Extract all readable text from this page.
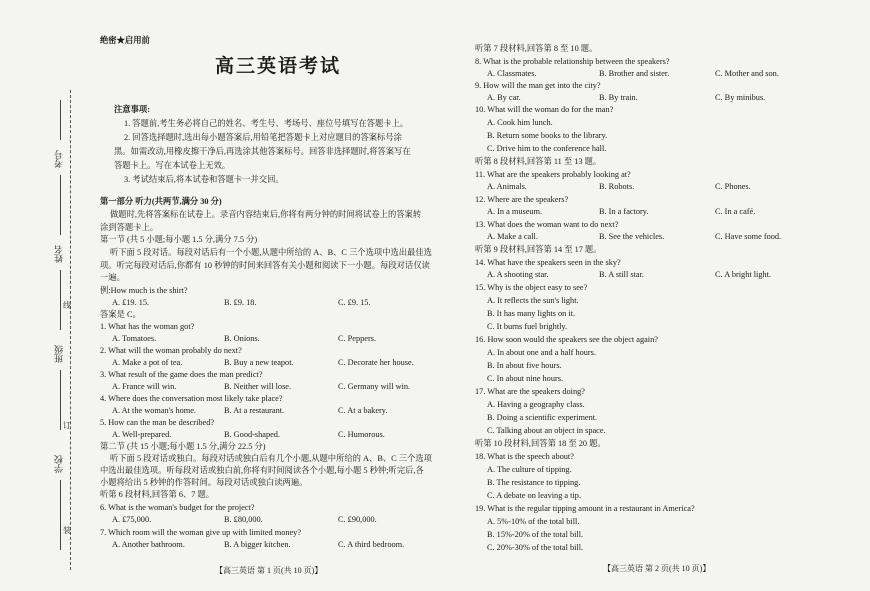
考号
姓名
线
班级
订
学校
装
绝密★启用前
高三英语考试
注意事项:
1. 答题前,考生务必将自己的姓名、考生号、考场号、座位号填写在答题卡上。
2. 回答选择题时,选出每小题答案后,用铅笔把答题卡上对应题目的答案标号涂
黑。如需改动,用橡皮擦干净后,再选涂其他答案标号。回答非选择题时,将答案写在
答题卡上。写在本试卷上无效。
3. 考试结束后,将本试卷和答题卡一并交回。
第一部分 听力(共两节,满分 30 分)
做题时,先将答案标在试卷上。录音内容结束后,你将有两分钟的时间将试卷上的答案转
涂到答题卡上。
第一节 (共 5 小题;每小题 1.5 分,满分 7.5 分)
听下面 5 段对话。每段对话后有一个小题,从题中所给的 A、B、C 三个选项中选出最佳选
项。听完每段对话后,你都有 10 秒钟的时间来回答有关小题和阅读下一小题。每段对话仅读
一遍。
例:How much is the shirt?
A. ₤19. 15.	B. ₤9. 18.	C. ₤9. 15.
答案是 C。
1. What has the woman got?
A. Tomatoes.	B. Onions.	C. Peppers.
2. What will the woman probably do next?
A. Make a pot of tea.	B. Buy a new teapot.	C. Decorate her house.
3. What result of the game does the man predict?
A. France will win.	B. Neither will lose.	C. Germany will win.
4. Where does the conversation most likely take place?
A. At the woman's home.	B. At a restaurant.	C. At a bakery.
5. How can the man be described?
A. Well-prepared.	B. Good-shaped.	C. Humorous.
第二节 (共 15 小题;每小题 1.5 分,满分 22.5 分)
听下面 5 段对话或独白。每段对话或独白后有几个小题,从题中所给的 A、B、C 三个选项
中选出最佳选项。听每段对话或独白前,你将有时间阅读各个小题,每小题 5 秒钟;听完后,各
小题将给出 5 秒钟的作答时间。每段对话或独白读两遍。
听第 6 段材料,回答第 6、7 题。
6. What is the woman's budget for the project?
A. ₤75,000.	B. ₤80,000.	C. ₤90,000.
7. Which room will the woman give up with limited money?
A. Another bathroom.	B. A bigger kitchen.	C. A third bedroom.
【高三英语 第 1 页(共 10 页)】
听第 7 段材料,回答第 8 至 10 题。
8. What is the probable relationship between the speakers?
A. Classmates.	B. Brother and sister.	C. Mother and son.
9. How will the man get into the city?
A. By car.	B. By train.	C. By minibus.
10. What will the woman do for the man?
A. Cook him lunch.
B. Return some books to the library.
C. Drive him to the conference hall.
听第 8 段材料,回答第 11 至 13 题。
11. What are the speakers probably looking at?
A. Animals.	B. Robots.	C. Phones.
12. Where are the speakers?
A. In a museum.	B. In a factory.	C. In a café.
13. What does the woman want to do next?
A. Make a call.	B. See the vehicles.	C. Have some food.
听第 9 段材料,回答第 14 至 17 题。
14. What have the speakers seen in the sky?
A. A shooting star.	B. A still star.	C. A bright light.
15. Why is the object easy to see?
A. It reflects the sun's light.
B. It has many lights on it.
C. It burns fuel brightly.
16. How soon would the speakers see the object again?
A. In about one and a half hours.
B. In about five hours.
C. In about nine hours.
17. What are the speakers doing?
A. Having a geography class.
B. Doing a scientific experiment.
C. Talking about an object in space.
听第 10 段材料,回答第 18 至 20 题。
18. What is the speech about?
A. The culture of tipping.
B. The resistance to tipping.
C. A debate on leaving a tip.
19. What is the regular tipping amount in a restaurant in America?
A. 5%-10% of the total bill.
B. 15%-20% of the total bill.
C. 20%-30% of the total bill.
【高三英语 第 2 页(共 10 页)】
